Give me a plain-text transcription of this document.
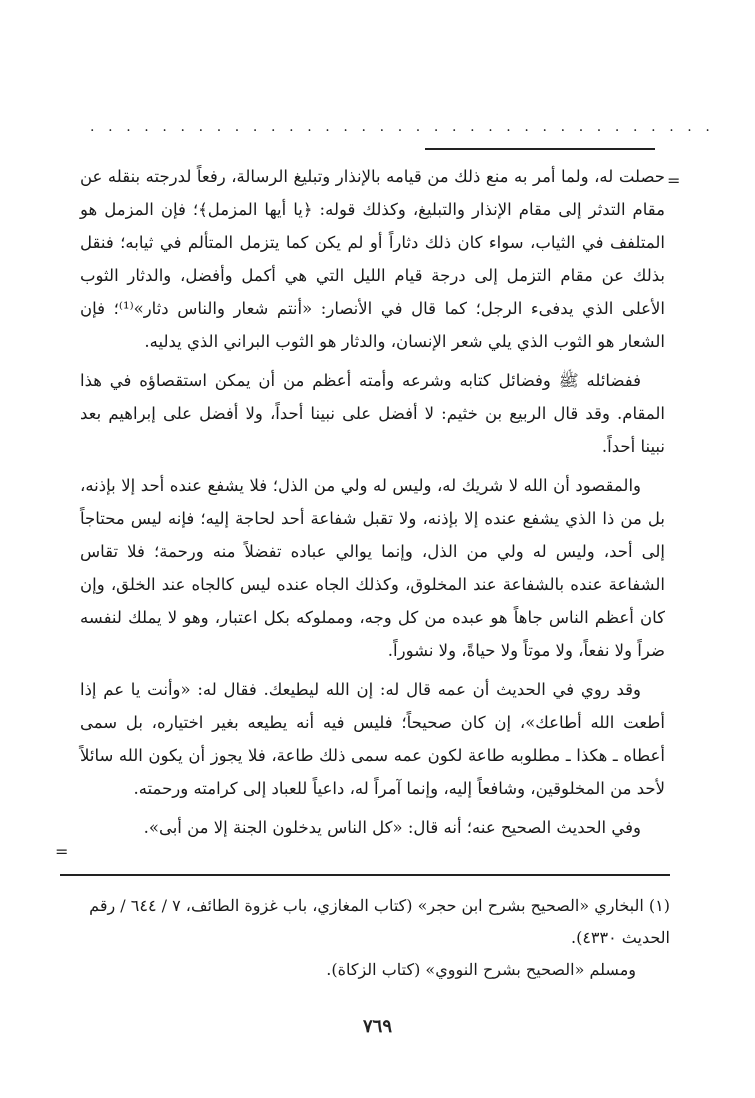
. . . . . . . . . . . . . . . . . . . . . . . . . . . . . . . . . . .
=

حصلت له، ولما أمر به منع ذلك من قيامه بالإنذار وتبليغ الرسالة، رفعاً لدرجته بنقله عن مقام التدثر إلى مقام الإنذار والتبليغ، وكذلك قوله: ﴿يا أيها المزمل﴾؛ فإن المزمل هو المتلفف في الثياب، سواء كان ذلك دثاراً أو لم يكن كما يتزمل المتألم في ثيابه؛ فنقل بذلك عن مقام التزمل إلى درجة قيام الليل التي هي أكمل وأفضل، والدثار الثوب الأعلى الذي يدفىء الرجل؛ كما قال في الأنصار: «أنتم شعار والناس دثار»⁽¹⁾؛ فإن الشعار هو الثوب الذي يلي شعر الإنسان، والدثار هو الثوب البراني الذي يدليه.

ففضائله ﷺ وفضائل كتابه وشرعه وأمته أعظم من أن يمكن استقصاؤه في هذا المقام. وقد قال الربيع بن خثيم: لا أفضل على نبينا أحداً، ولا أفضل على إبراهيم بعد نبينا أحداً.

والمقصود أن الله لا شريك له، وليس له ولي من الذل؛ فلا يشفع عنده أحد إلا بإذنه، بل من ذا الذي يشفع عنده إلا بإذنه، ولا تقبل شفاعة أحد لحاجة إليه؛ فإنه ليس محتاجاً إلى أحد، وليس له ولي من الذل، وإنما يوالي عباده تفضلاً منه ورحمة؛ فلا تقاس الشفاعة عنده بالشفاعة عند المخلوق، وكذلك الجاه عنده ليس كالجاه عند الخلق، وإن كان أعظم الناس جاهاً هو عبده من كل وجه، ومملوكه بكل اعتبار، وهو لا يملك لنفسه ضراً ولا نفعاً، ولا موتاً ولا حياةً، ولا نشوراً.

وقد روي في الحديث أن عمه قال له: إن الله ليطيعك. فقال له: «وأنت يا عم إذا أطعت الله أطاعك»، إن كان صحيحاً؛ فليس فيه أنه يطيعه بغير اختياره، بل سمى أعطاه ـ هكذا ـ مطلوبه طاعة لكون عمه سمى ذلك طاعة، فلا يجوز أن يكون الله سائلاً لأحد من المخلوقين، وشافعاً إليه، وإنما آمراً له، داعياً للعباد إلى كرامته ورحمته.

وفي الحديث الصحيح عنه؛ أنه قال: «كل الناس يدخلون الجنة إلا من أبى».

=

(١) البخاري «الصحيح بشرح ابن حجر» (كتاب المغازي، باب غزوة الطائف، ٧ / ٦٤٤ / رقم الحديث ٤٣٣٠).

ومسلم «الصحيح بشرح النووي» (كتاب الزكاة).

٧٦٩
